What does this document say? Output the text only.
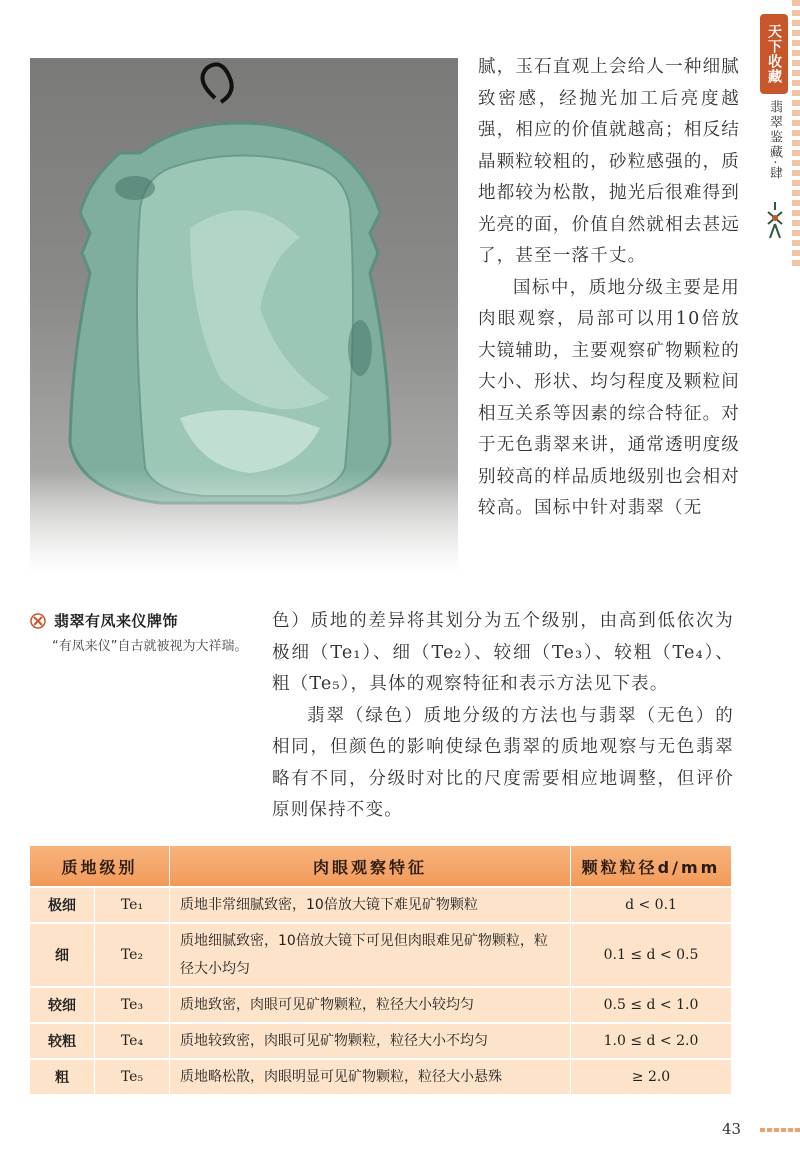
天下收藏
翡翠鉴藏·肆

腻，玉石直观上会给人一种细腻致密感，经抛光加工后亮度越强，相应的价值就越高；相反结晶颗粒较粗的，砂粒感强的，质地都较为松散，抛光后很难得到光亮的面，价值自然就相去甚远了，甚至一落千丈。

国标中，质地分级主要是用肉眼观察，局部可以用10倍放大镜辅助，主要观察矿物颗粒的大小、形状、均匀程度及颗粒间相互关系等因素的综合特征。对于无色翡翠来讲，通常透明度级别较高的样品质地级别也会相对较高。国标中针对翡翠（无

翡翠有凤来仪牌饰
“有凤来仪”自古就被视为大祥瑞。

色）质地的差异将其划分为五个级别，由高到低依次为极细（Te₁）、细（Te₂）、较细（Te₃）、较粗（Te₄）、粗（Te₅），具体的观察特征和表示方法见下表。

翡翠（绿色）质地分级的方法也与翡翠（无色）的相同，但颜色的影响使绿色翡翠的质地观察与无色翡翠略有不同，分级时对比的尺度需要相应地调整，但评价原则保持不变。

质地级别		肉眼观察特征	颗粒粒径d/mm
极细	Te₁	质地非常细腻致密，10倍放大镜下难见矿物颗粒	d < 0.1
细	Te₂	质地细腻致密，10倍放大镜下可见但肉眼难见矿物颗粒，粒径大小均匀	0.1 ≤ d < 0.5
较细	Te₃	质地致密，肉眼可见矿物颗粒，粒径大小较均匀	0.5 ≤ d < 1.0
较粗	Te₄	质地较致密，肉眼可见矿物颗粒，粒径大小不均匀	1.0 ≤ d < 2.0
粗	Te₅	质地略松散，肉眼明显可见矿物颗粒，粒径大小悬殊	≥ 2.0
43
